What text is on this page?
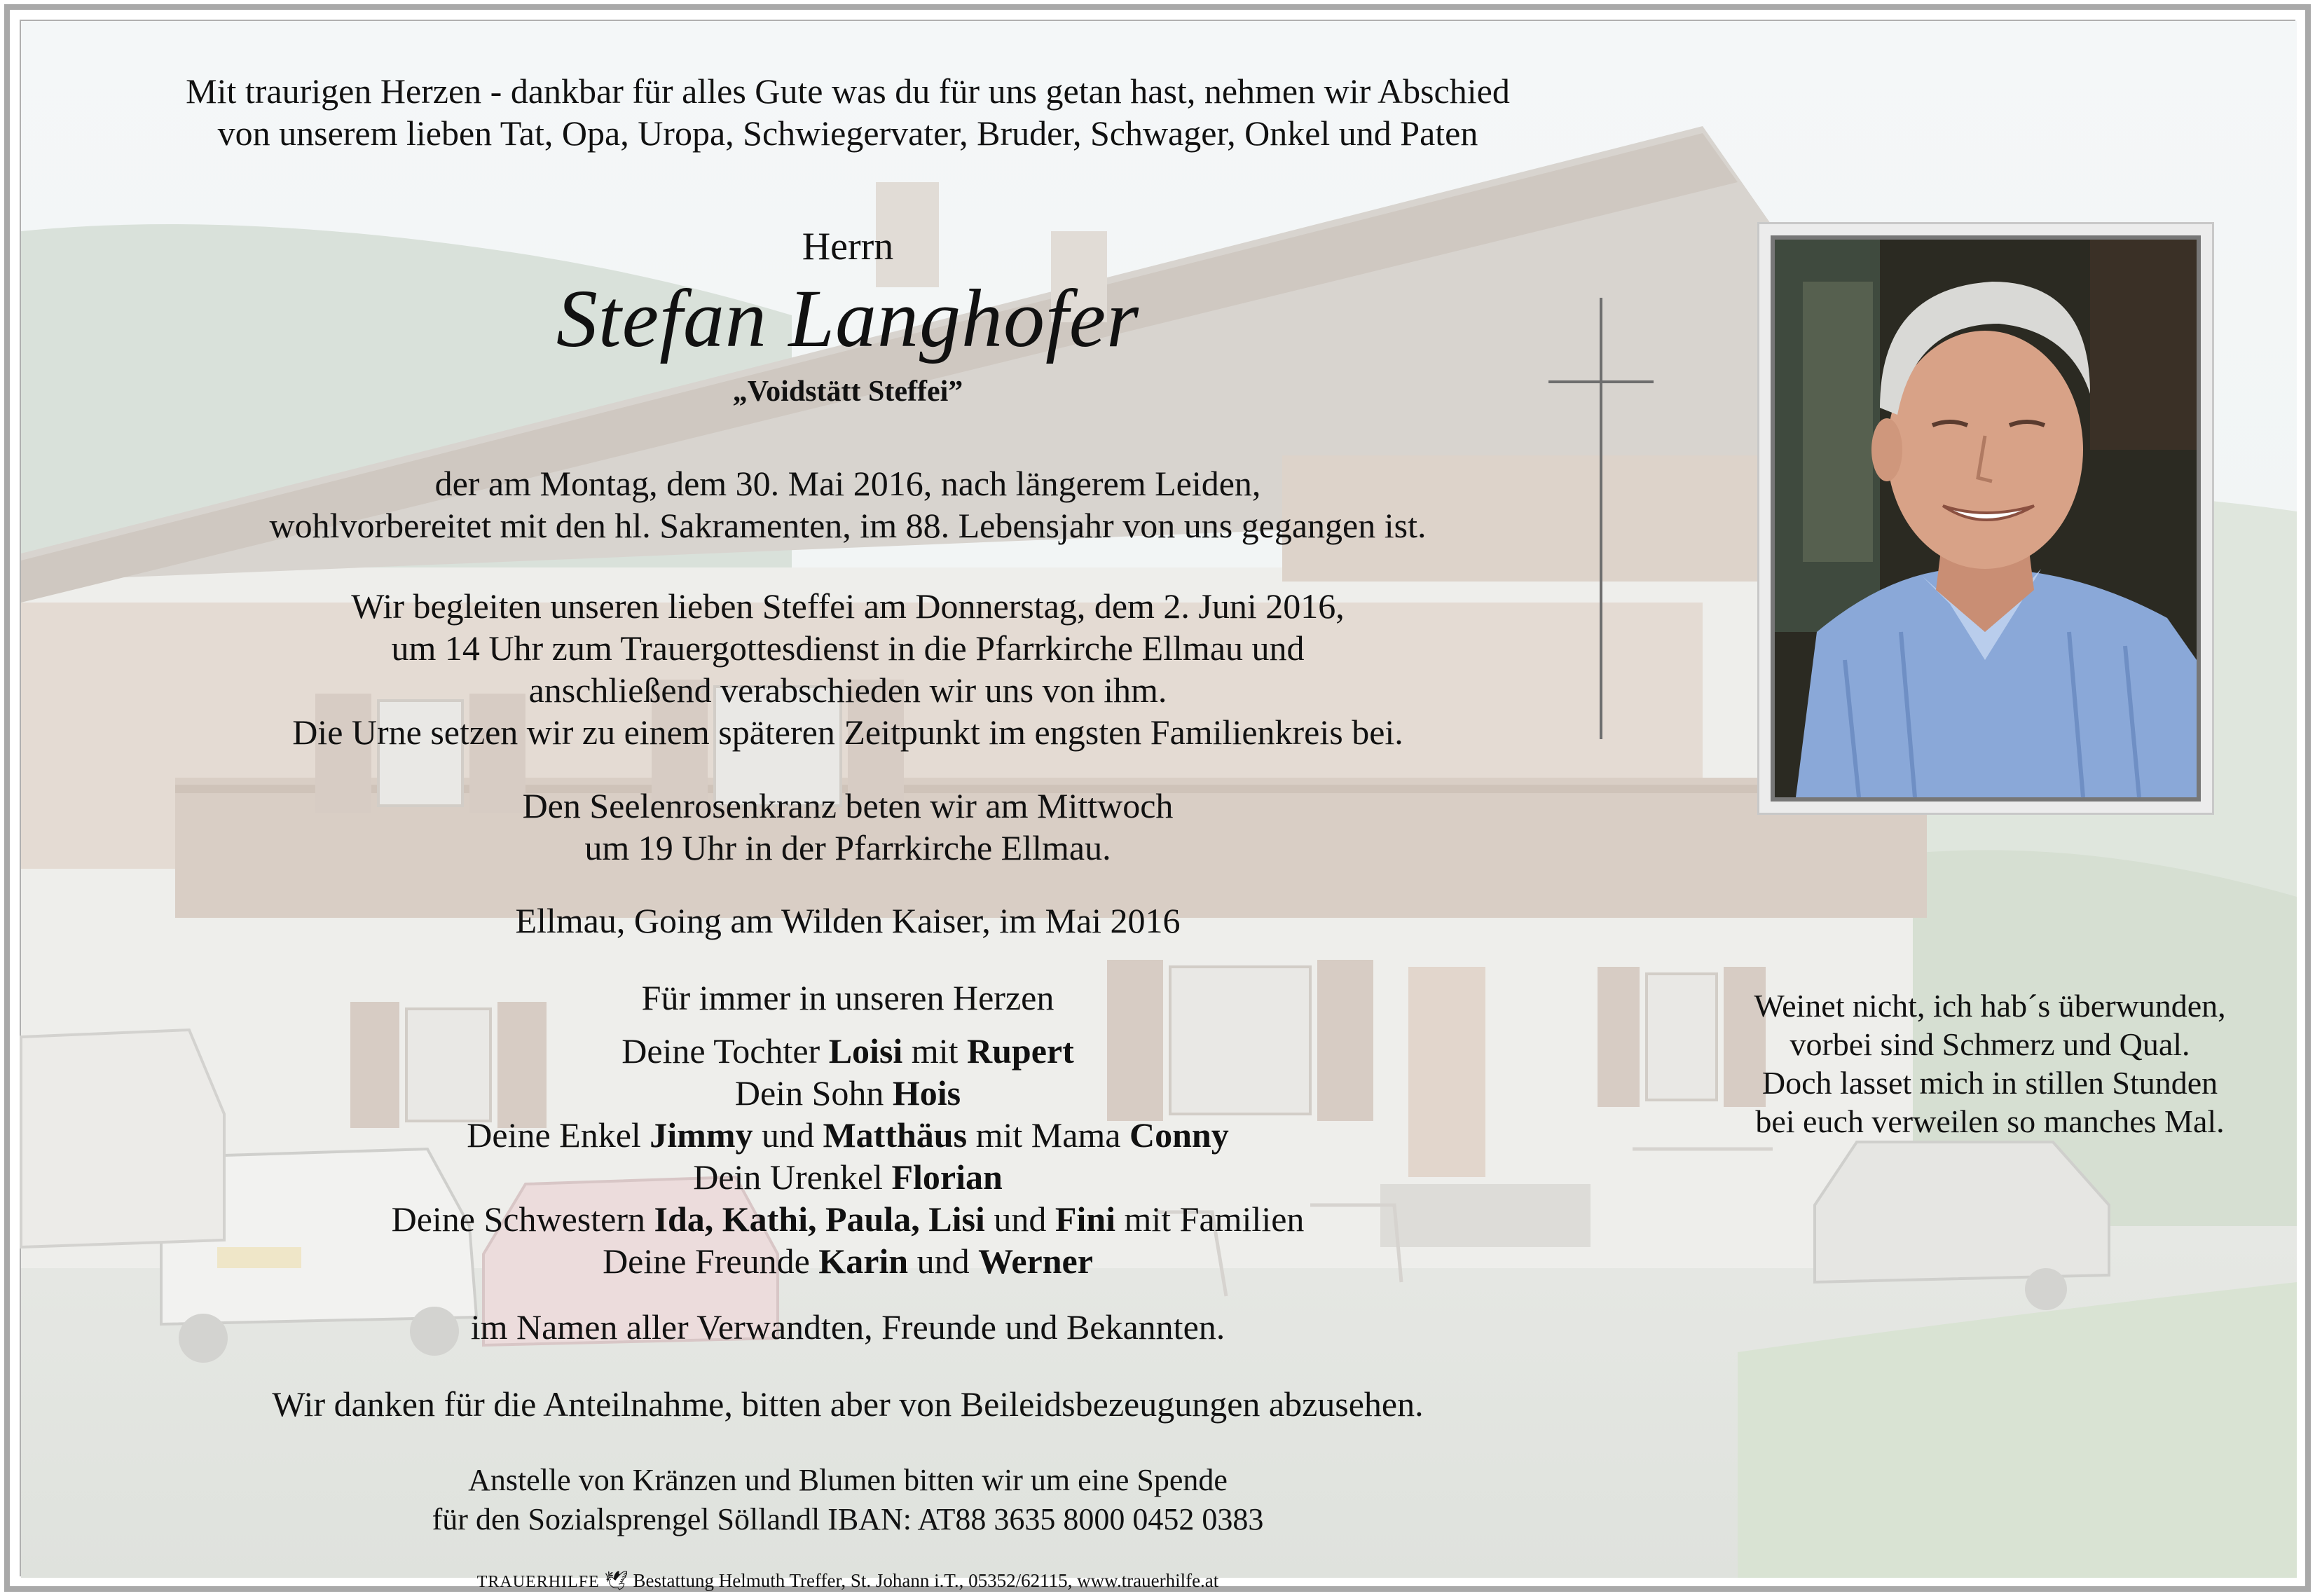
Mit traurigen Herzen - dankbar für alles Gute was du für uns getan hast, nehmen wir Abschied
von unserem lieben Tat, Opa, Uropa, Schwiegervater, Bruder, Schwager, Onkel und Paten
Herrn
Stefan Langhofer
„Voidstätt Steffei”
der am Montag, dem 30. Mai 2016, nach längerem Leiden,
wohlvorbereitet mit den hl. Sakramenten, im 88. Lebensjahr von uns gegangen ist.
Wir begleiten unseren lieben Steffei am Donnerstag, dem 2. Juni 2016,
um 14 Uhr zum Trauergottesdienst in die Pfarrkirche Ellmau und
anschließend verabschieden wir uns von ihm.
Die Urne setzen wir zu einem späteren Zeitpunkt im engsten Familienkreis bei.
Den Seelenrosenkranz beten wir am Mittwoch
um 19 Uhr in der Pfarrkirche Ellmau.
Ellmau, Going am Wilden Kaiser, im Mai 2016
Für immer in unseren Herzen
Deine Tochter Loisi mit Rupert
Dein Sohn Hois
Deine Enkel Jimmy und Matthäus mit Mama Conny
Dein Urenkel Florian
Deine Schwestern Ida, Kathi, Paula, Lisi und Fini mit Familien
Deine Freunde Karin und Werner
im Namen aller Verwandten, Freunde und Bekannten.
Wir danken für die Anteilnahme, bitten aber von Beileidsbezeugungen abzusehen.
Anstelle von Kränzen und Blumen bitten wir um eine Spende
für den Sozialsprengel Söllandl IBAN: AT88 3635 8000 0452 0383
TRAUERHILFE 🕊︎ Bestattung Helmuth Treffer, St. Johann i.T., 05352/62115, www.trauerhilfe.at
Weinet nicht, ich hab´s überwunden,
vorbei sind Schmerz und Qual.
Doch lasset mich in stillen Stunden
bei euch verweilen so manches Mal.
